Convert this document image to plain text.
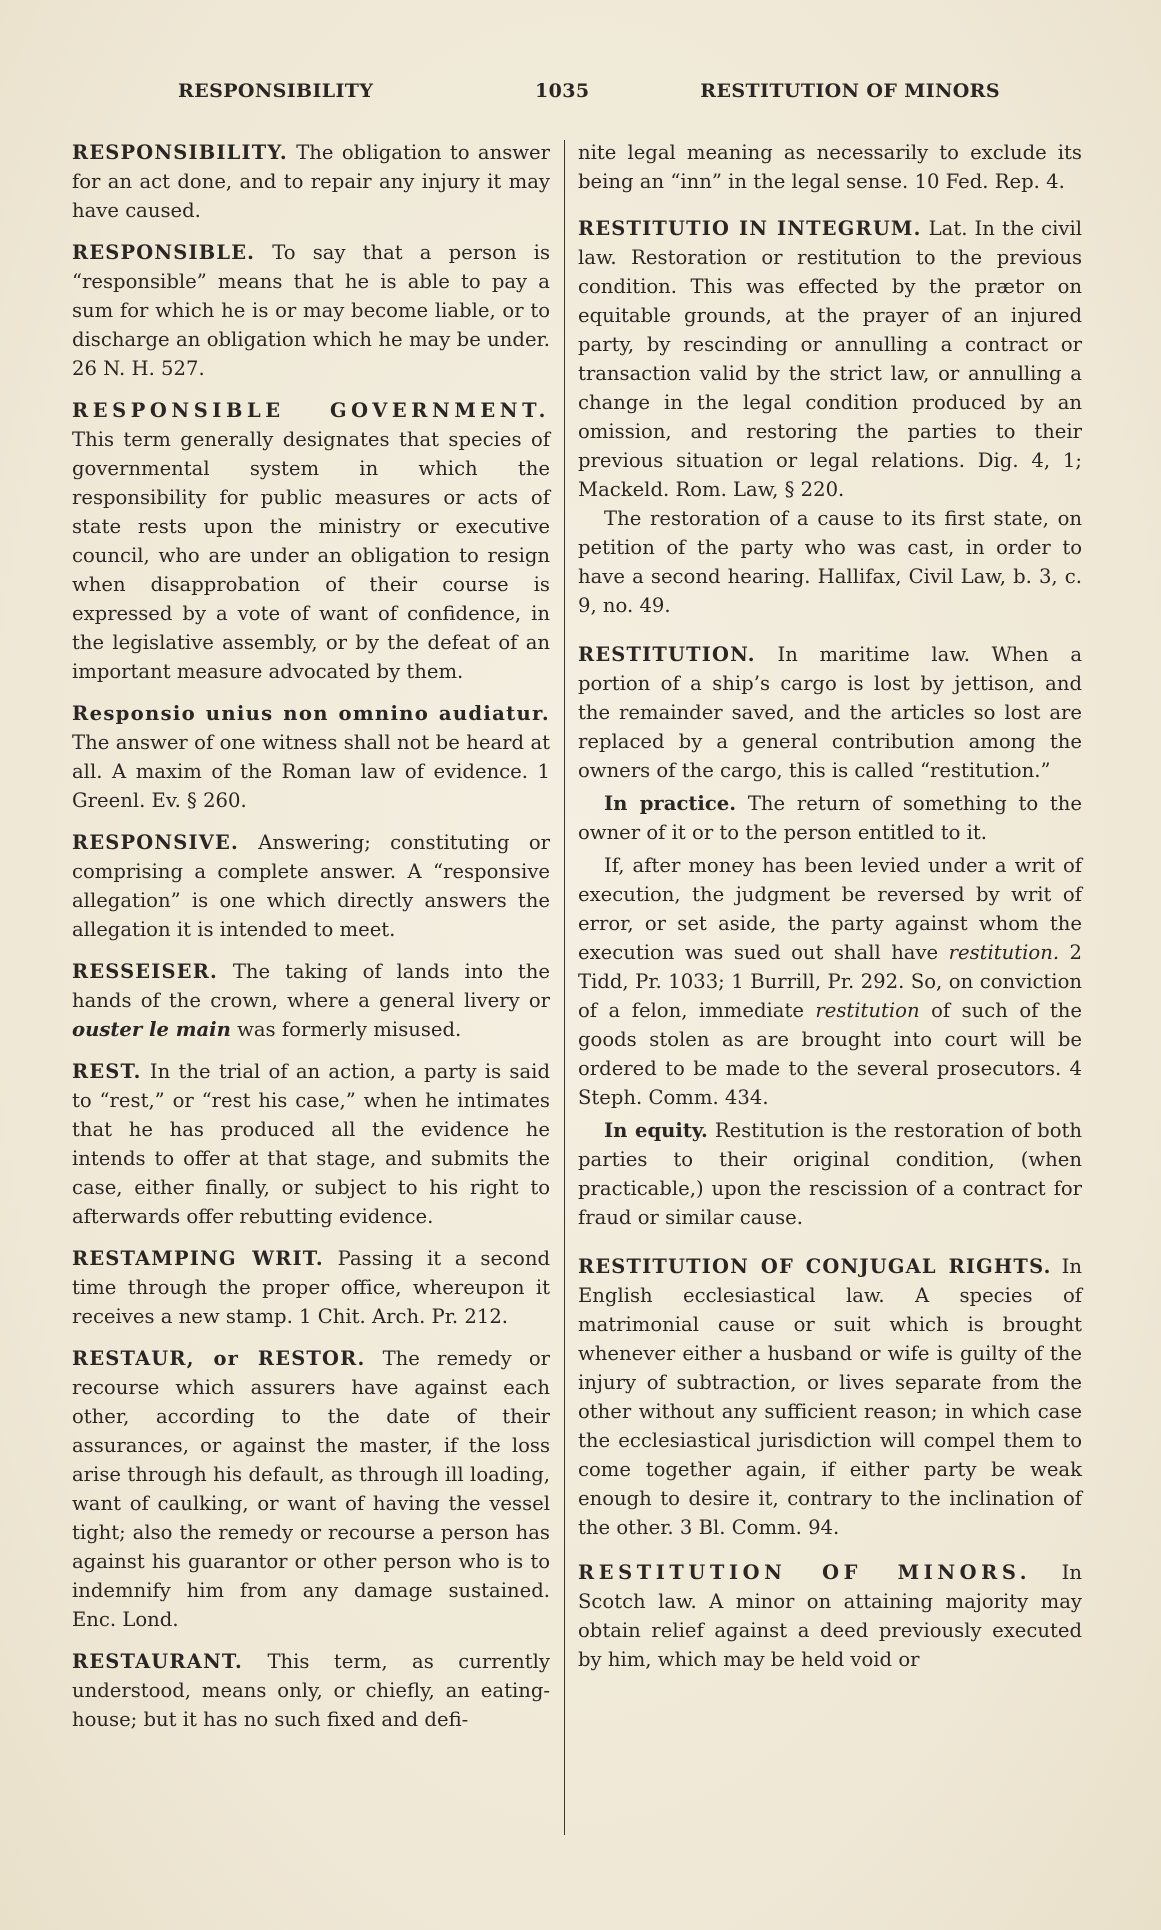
RESPONSIBILITY	1035	RESTITUTION OF MINORS

RESPONSIBILITY. The obligation to answer for an act done, and to repair any injury it may have caused.

RESPONSIBLE. To say that a person is “responsible” means that he is able to pay a sum for which he is or may become liable, or to discharge an obligation which he may be under. 26 N. H. 527.

RESPONSIBLE GOVERNMENT. This term generally designates that species of governmental system in which the responsibility for public measures or acts of state rests upon the ministry or executive council, who are under an obligation to resign when disapprobation of their course is expressed by a vote of want of confidence, in the legislative assembly, or by the defeat of an important measure advocated by them.

Responsio unius non omnino audiatur. The answer of one witness shall not be heard at all. A maxim of the Roman law of evidence. 1 Greenl. Ev. § 260.

RESPONSIVE. Answering; constituting or comprising a complete answer. A “responsive allegation” is one which directly answers the allegation it is intended to meet.

RESSEISER. The taking of lands into the hands of the crown, where a general livery or ouster le main was formerly misused.

REST. In the trial of an action, a party is said to “rest,” or “rest his case,” when he intimates that he has produced all the evidence he intends to offer at that stage, and submits the case, either finally, or subject to his right to afterwards offer rebutting evidence.

RESTAMPING WRIT. Passing it a second time through the proper office, whereupon it receives a new stamp. 1 Chit. Arch. Pr. 212.

RESTAUR, or RESTOR. The remedy or recourse which assurers have against each other, according to the date of their assurances, or against the master, if the loss arise through his default, as through ill loading, want of caulking, or want of having the vessel tight; also the remedy or recourse a person has against his guarantor or other person who is to indemnify him from any damage sustained. Enc. Lond.

RESTAURANT. This term, as currently understood, means only, or chiefly, an eating-house; but it has no such fixed and defi-

nite legal meaning as necessarily to exclude its being an “inn” in the legal sense. 10 Fed. Rep. 4.

RESTITUTIO IN INTEGRUM. Lat. In the civil law. Restoration or restitution to the previous condition. This was effected by the prætor on equitable grounds, at the prayer of an injured party, by rescinding or annulling a contract or transaction valid by the strict law, or annulling a change in the legal condition produced by an omission, and restoring the parties to their previous situation or legal relations. Dig. 4, 1; Mackeld. Rom. Law, § 220.

The restoration of a cause to its first state, on petition of the party who was cast, in order to have a second hearing. Hallifax, Civil Law, b. 3, c. 9, no. 49.

RESTITUTION. In maritime law. When a portion of a ship’s cargo is lost by jettison, and the remainder saved, and the articles so lost are replaced by a general contribution among the owners of the cargo, this is called “restitution.”

In practice. The return of something to the owner of it or to the person entitled to it.

If, after money has been levied under a writ of execution, the judgment be reversed by writ of error, or set aside, the party against whom the execution was sued out shall have restitution. 2 Tidd, Pr. 1033; 1 Burrill, Pr. 292. So, on conviction of a felon, immediate restitution of such of the goods stolen as are brought into court will be ordered to be made to the several prosecutors. 4 Steph. Comm. 434.

In equity. Restitution is the restoration of both parties to their original condition, (when practicable,) upon the rescission of a contract for fraud or similar cause.

RESTITUTION OF CONJUGAL RIGHTS. In English ecclesiastical law. A species of matrimonial cause or suit which is brought whenever either a husband or wife is guilty of the injury of subtraction, or lives separate from the other without any sufficient reason; in which case the ecclesiastical jurisdiction will compel them to come together again, if either party be weak enough to desire it, contrary to the inclination of the other. 3 Bl. Comm. 94.

RESTITUTION OF MINORS. In Scotch law. A minor on attaining majority may obtain relief against a deed previously executed by him, which may be held void or
